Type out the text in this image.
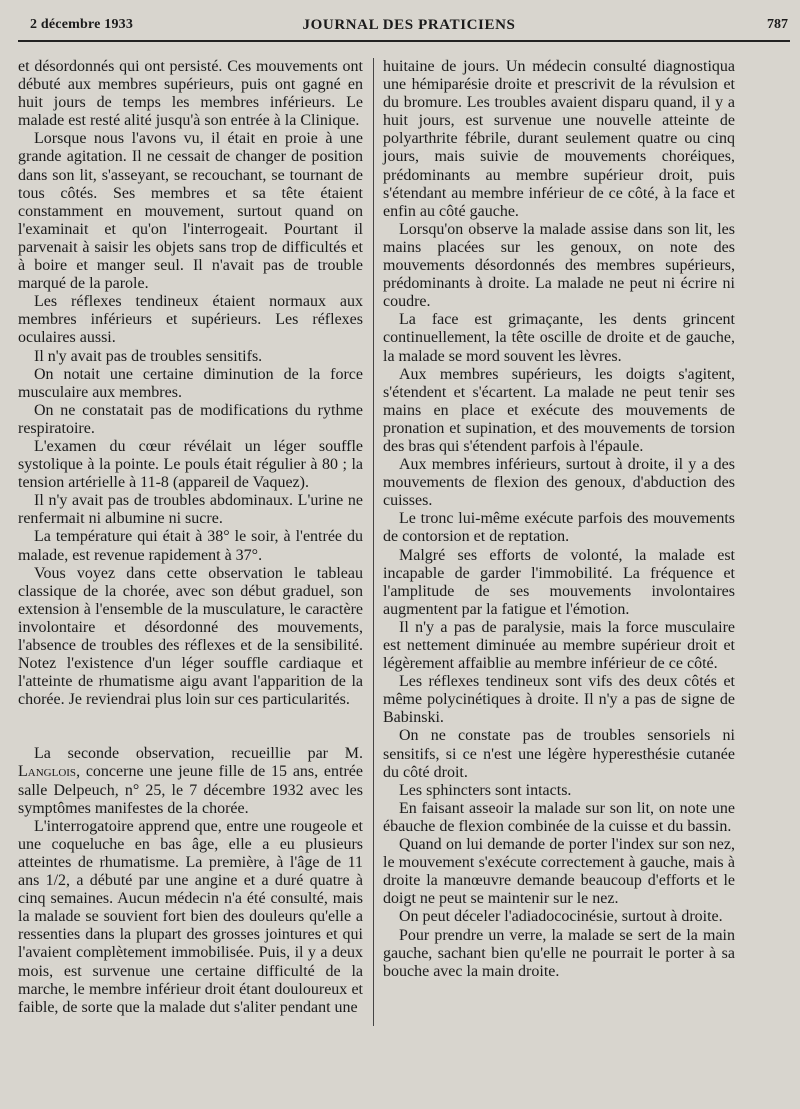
2 décembre 1933	JOURNAL DES PRATICIENS	787

et désordonnés qui ont persisté. Ces mouvements ont débuté aux membres supérieurs, puis ont gagné en huit jours de temps les membres inférieurs. Le malade est resté alité jusqu'à son entrée à la Clinique.

Lorsque nous l'avons vu, il était en proie à une grande agitation. Il ne cessait de changer de position dans son lit, s'asseyant, se recouchant, se tournant de tous côtés. Ses membres et sa tête étaient constamment en mouvement, surtout quand on l'examinait et qu'on l'interrogeait. Pourtant il parvenait à saisir les objets sans trop de difficultés et à boire et manger seul. Il n'avait pas de trouble marqué de la parole.

Les réflexes tendineux étaient normaux aux membres inférieurs et supérieurs. Les réflexes oculaires aussi.

Il n'y avait pas de troubles sensitifs.

On notait une certaine diminution de la force musculaire aux membres.

On ne constatait pas de modifications du rythme respiratoire.

L'examen du cœur révélait un léger souffle systolique à la pointe. Le pouls était régulier à 80 ; la tension artérielle à 11-8 (appareil de Vaquez).

Il n'y avait pas de troubles abdominaux. L'urine ne renfermait ni albumine ni sucre.

La température qui était à 38° le soir, à l'entrée du malade, est revenue rapidement à 37°.

Vous voyez dans cette observation le tableau classique de la chorée, avec son début graduel, son extension à l'ensemble de la musculature, le caractère involontaire et désordonné des mouvements, l'absence de troubles des réflexes et de la sensibilité. Notez l'existence d'un léger souffle cardiaque et l'atteinte de rhumatisme aigu avant l'apparition de la chorée. Je reviendrai plus loin sur ces particularités.

La seconde observation, recueillie par M. Langlois, concerne une jeune fille de 15 ans, entrée salle Delpeuch, n° 25, le 7 décembre 1932 avec les symptômes manifestes de la chorée.

L'interrogatoire apprend que, entre une rougeole et une coqueluche en bas âge, elle a eu plusieurs atteintes de rhumatisme. La première, à l'âge de 11 ans 1/2, a débuté par une angine et a duré quatre à cinq semaines. Aucun médecin n'a été consulté, mais la malade se souvient fort bien des douleurs qu'elle a ressenties dans la plupart des grosses jointures et qui l'avaient complètement immobilisée. Puis, il y a deux mois, est survenue une certaine difficulté de la marche, le membre inférieur droit étant douloureux et faible, de sorte que la malade dut s'aliter pendant une

huitaine de jours. Un médecin consulté diagnostiqua une hémiparésie droite et prescrivit de la révulsion et du bromure. Les troubles avaient disparu quand, il y a huit jours, est survenue une nouvelle atteinte de polyarthrite fébrile, durant seulement quatre ou cinq jours, mais suivie de mouvements choréiques, prédominants au membre supérieur droit, puis s'étendant au membre inférieur de ce côté, à la face et enfin au côté gauche.

Lorsqu'on observe la malade assise dans son lit, les mains placées sur les genoux, on note des mouvements désordonnés des membres supérieurs, prédominants à droite. La malade ne peut ni écrire ni coudre.

La face est grimaçante, les dents grincent continuellement, la tête oscille de droite et de gauche, la malade se mord souvent les lèvres.

Aux membres supérieurs, les doigts s'agitent, s'étendent et s'écartent. La malade ne peut tenir ses mains en place et exécute des mouvements de pronation et supination, et des mouvements de torsion des bras qui s'étendent parfois à l'épaule.

Aux membres inférieurs, surtout à droite, il y a des mouvements de flexion des genoux, d'abduction des cuisses.

Le tronc lui-même exécute parfois des mouvements de contorsion et de reptation.

Malgré ses efforts de volonté, la malade est incapable de garder l'immobilité. La fréquence et l'amplitude de ses mouvements involontaires augmentent par la fatigue et l'émotion.

Il n'y a pas de paralysie, mais la force musculaire est nettement diminuée au membre supérieur droit et légèrement affaiblie au membre inférieur de ce côté.

Les réflexes tendineux sont vifs des deux côtés et même polycinétiques à droite. Il n'y a pas de signe de Babinski.

On ne constate pas de troubles sensoriels ni sensitifs, si ce n'est une légère hyperesthésie cutanée du côté droit.

Les sphincters sont intacts.

En faisant asseoir la malade sur son lit, on note une ébauche de flexion combinée de la cuisse et du bassin.

Quand on lui demande de porter l'index sur son nez, le mouvement s'exécute correctement à gauche, mais à droite la manœuvre demande beaucoup d'efforts et le doigt ne peut se maintenir sur le nez.

On peut déceler l'adiadococinésie, surtout à droite.

Pour prendre un verre, la malade se sert de la main gauche, sachant bien qu'elle ne pourrait le porter à sa bouche avec la main droite.
